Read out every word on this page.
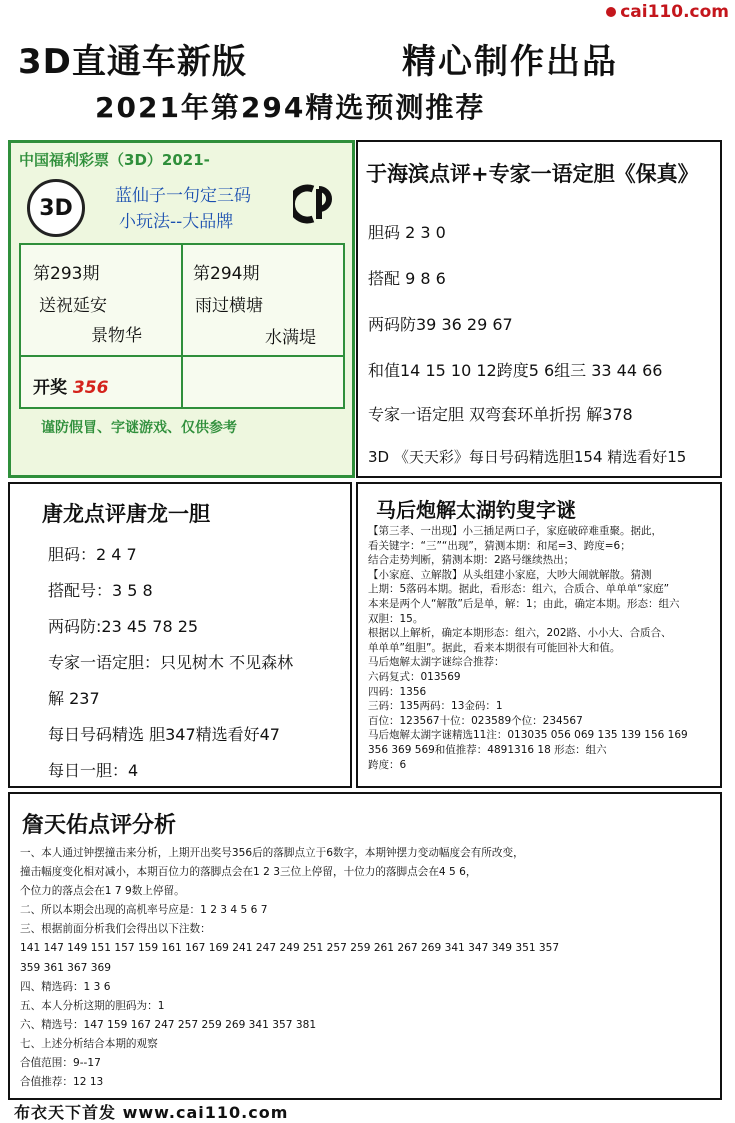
cai110.com
3D直通车新版	精心制作出品
2021年第294精选预测推荐
中国福利彩票（3D）2021-
3D 蓝仙子一句定三码
小玩法--大品牌
第293期
送祝延安
景物华
第294期
雨过横塘
水满堤
开奖 356
谨防假冒、字谜游戏、仅供参考
于海滨点评+专家一语定胆《保真》
胆码 2 3 0
搭配 9 8 6
两码防39 36 29 67
和值14 15 10 12跨度5 6组三 33 44 66
专家一语定胆 双弯套环单折拐 解378
3D 《天天彩》每日号码精选胆154 精选看好15
唐龙点评唐龙一胆
胆码：2 4 7
搭配号：3 5 8
两码防:23 45 78 25
专家一语定胆：只见树木 不见森林
解 237
每日号码精选 胆347精选看好47
每日一胆：4
马后炮解太湖钓叟字谜
【第三孝、一出现】小三插足两口子，家庭破碎难重聚。据此，
看关键字：“三”“出现”，猜测本期：和尾=3、跨度=6；
结合走势判断，猜测本期：2路号继续热出；
【小家庭、立解散】从头组建小家庭，大吵大闹就解散。猜测
上期：5落码本期。据此，看形态：组六，合质合、单单单“家庭”
本来是两个人“解散”后是单，解：1；由此，确定本期。形态：组六
双胆：15。
根据以上解析，确定本期形态：组六，202路、小小大、合质合、
单单单”组胆”。据此，看来本期很有可能回补大和值。
马后炮解太湖字谜综合推荐：
六码复式：013569
四码：1356
三码：135两码：13金码：1
百位：123567十位：023589个位：234567
马后炮解太湖字谜精选11注：013035 056 069 135 139 156 169
356 369 569和值推荐：4891316 18 形态：组六
跨度：6
詹天佑点评分析
一、本人通过钟摆撞击来分析，上期开出奖号356后的落脚点立于6数字，本期钟摆力变动幅度会有所改变，
撞击幅度变化相对减小，本期百位力的落脚点会在1 2 3三位上停留，十位力的落脚点会在4 5 6，
个位力的落点会在1 7 9数上停留。
二、所以本期会出现的高机率号应是：1 2 3 4 5 6 7
三、根据前面分析我们会得出以下注数：
141 147 149 151 157 159 161 167 169 241 247 249 251 257 259 261 267 269 341 347 349 351 357
359 361 367 369
四、精选码：1 3 6
五、本人分析这期的胆码为：1
六、精选号：147 159 167 247 257 259 269 341 357 381
七、上述分析结合本期的观察
合值范围：9--17
合值推荐：12 13
布衣天下首发 www.cai110.com
